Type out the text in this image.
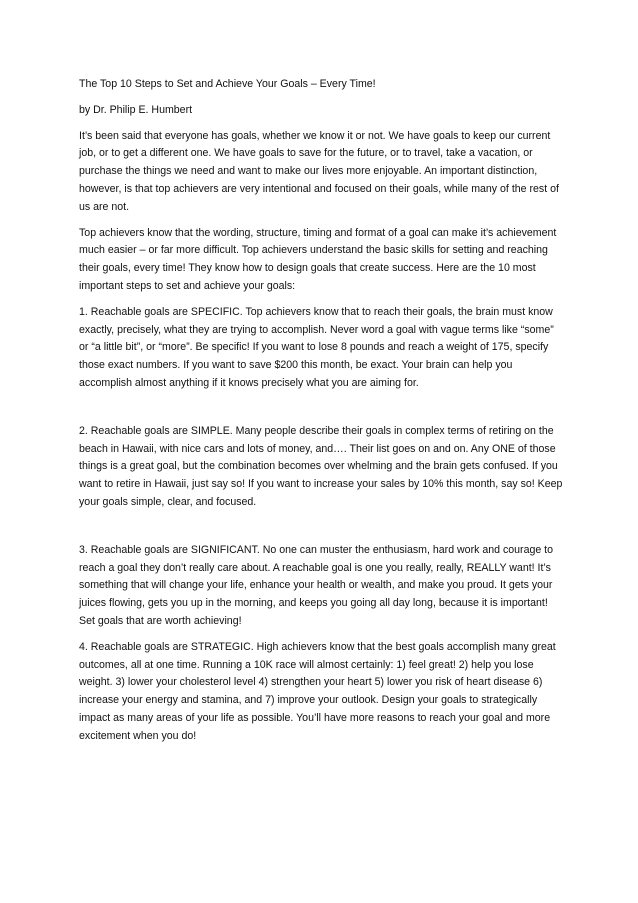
The Top 10 Steps to Set and Achieve Your Goals – Every Time!

by Dr. Philip E. Humbert

It’s been said that everyone has goals, whether we know it or not. We have goals to keep our current job, or to get a different one. We have goals to save for the future, or to travel, take a vacation, or purchase the things we need and want to make our lives more enjoyable. An important distinction, however, is that top achievers are very intentional and focused on their goals, while many of the rest of us are not.

Top achievers know that the wording, structure, timing and format of a goal can make it’s achievement much easier – or far more difficult. Top achievers understand the basic skills for setting and reaching their goals, every time! They know how to design goals that create success. Here are the 10 most important steps to set and achieve your goals:

1. Reachable goals are SPECIFIC. Top achievers know that to reach their goals, the brain must know exactly, precisely, what they are trying to accomplish. Never word a goal with vague terms like “some” or “a little bit”, or “more”. Be specific! If you want to lose 8 pounds and reach a weight of 175, specify those exact numbers. If you want to save $200 this month, be exact. Your brain can help you accomplish almost anything if it knows precisely what you are aiming for.

2. Reachable goals are SIMPLE. Many people describe their goals in complex terms of retiring on the beach in Hawaii, with nice cars and lots of money, and…. Their list goes on and on. Any ONE of those things is a great goal, but the combination becomes over whelming and the brain gets confused. If you want to retire in Hawaii, just say so! If you want to increase your sales by 10% this month, say so! Keep your goals simple, clear, and focused.

3. Reachable goals are SIGNIFICANT. No one can muster the enthusiasm, hard work and courage to reach a goal they don’t really care about. A reachable goal is one you really, really, REALLY want! It’s something that will change your life, enhance your health or wealth, and make you proud. It gets your juices flowing, gets you up in the morning, and keeps you going all day long, because it is important! Set goals that are worth achieving!

4. Reachable goals are STRATEGIC. High achievers know that the best goals accomplish many great outcomes, all at one time. Running a 10K race will almost certainly: 1) feel great! 2) help you lose weight. 3) lower your cholesterol level 4) strengthen your heart 5) lower you risk of heart disease 6) increase your energy and stamina, and 7) improve your outlook. Design your goals to strategically impact as many areas of your life as possible. You’ll have more reasons to reach your goal and more excitement when you do!
